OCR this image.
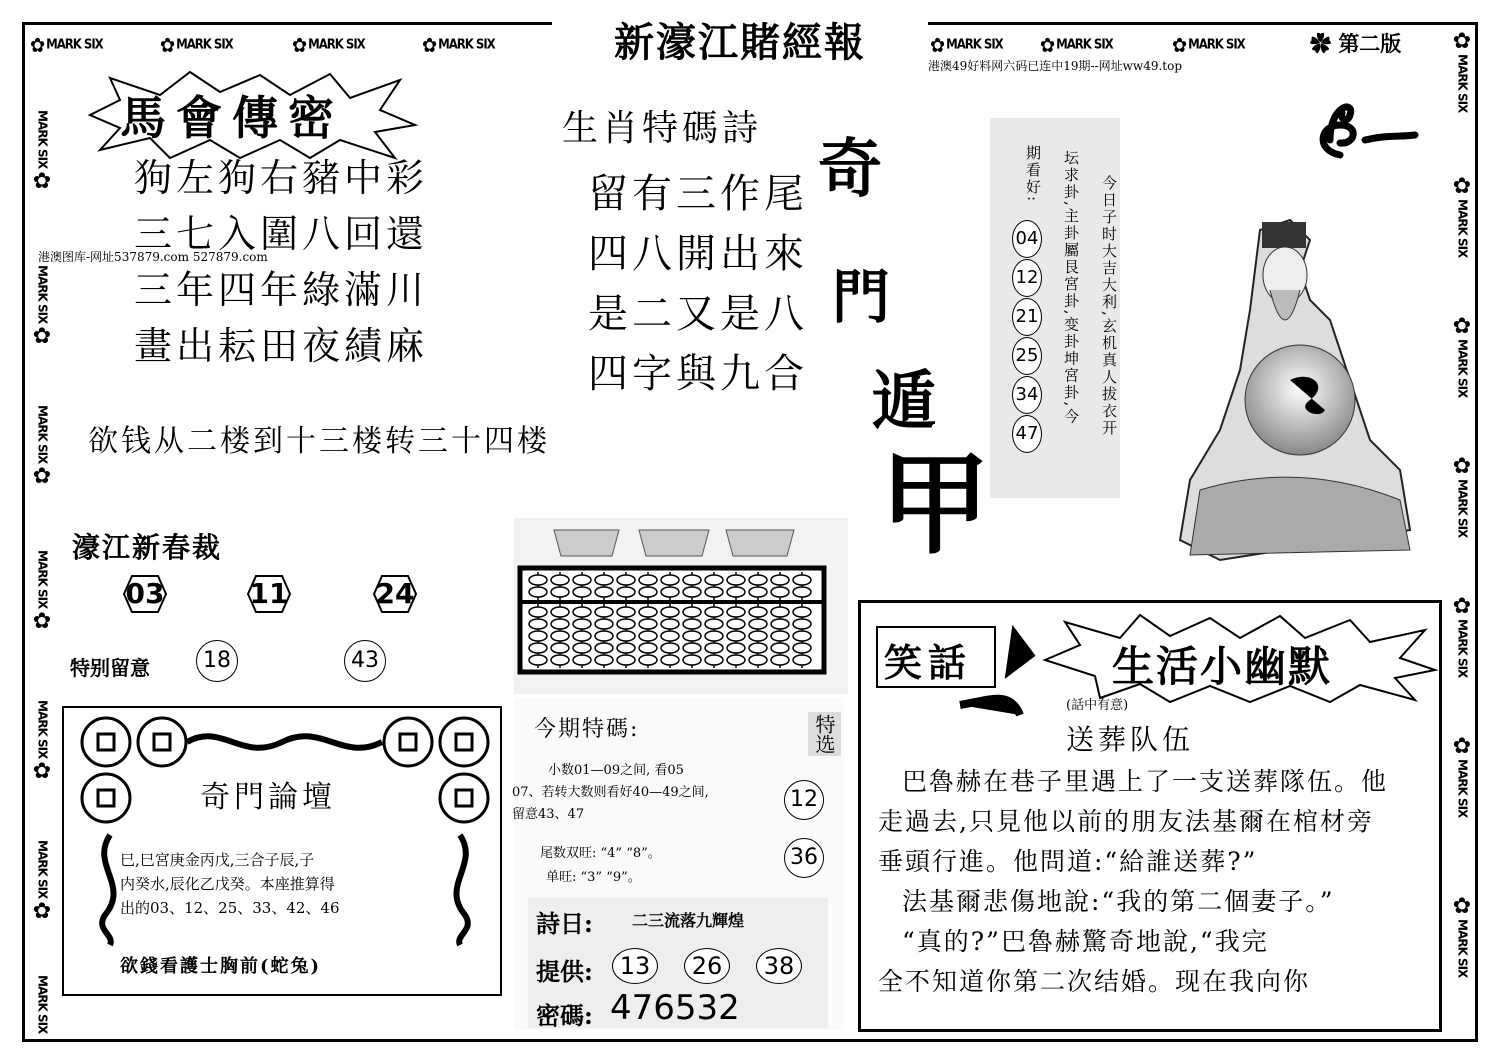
新濠江賭經報	✿ 第二版
港澳49好料网六码已连中19期--网址ww49.top
✿ MARK SIX	✿ MARK SIX	✿ MARK SIX	✿ MARK SIX	✿ MARK SIX ✿ MARK SIX	✿ MARK SIX
MARK SIX
✿
MARK SIX
✿
MARK SIX
✿
MARK SIX
✿
MARK SIX
✿
MARK SIX
✿
MARK SIX
✿
MARK SIX
✿
MARK SIX
✿
MARK SIX
✿
MARK SIX
✿
MARK SIX
✿
MARK SIX
✿
MARK SIX
馬會傳密
狗左狗右豬中彩
三七入圍八回還
三年四年綠滿川
畫出耘田夜績麻
港澳图库-网址537879.com 527879.com
欲钱从二楼到十三楼转三十四楼
生肖特碼詩
留有三作尾
四八開出來
是二又是八
四字與九合
奇
門
遁
甲
今日子时大吉大利,玄机真人拔衣开
坛求卦,主卦屬艮宮卦,变卦坤宮卦,今
期看好:
04
12
21
25
34
47
濠江新春裁
03	11	24
特别留意	18	43
奇門論壇
巳,巳宮庚金丙戊,三合子辰,子
内癸水,辰化乙戊癸。本座推算得
出的03、12、25、33、42、46
欲錢看護士胸前(蛇兔)
今期特碼:	特选
小数01—09之间, 看05
07、若转大数则看好40—49之间,
留意43、47
尾数双旺: “4” “8”。
单旺: “3” “9”。
12
36
詩日: 二三流落九輝煌
提供:	13	26	38
密碼: 476532
笑話	生活小幽默
(話中有意)
送葬队伍

巴魯赫在巷子里遇上了一支送葬隊伍。他

走過去,只見他以前的朋友法基爾在棺材旁

垂頭行進。他問道:“給誰送葬?”

法基爾悲傷地說:“我的第二個妻子。”

“真的?”巴魯赫驚奇地說,“我完

全不知道你第二次结婚。现在我向你
